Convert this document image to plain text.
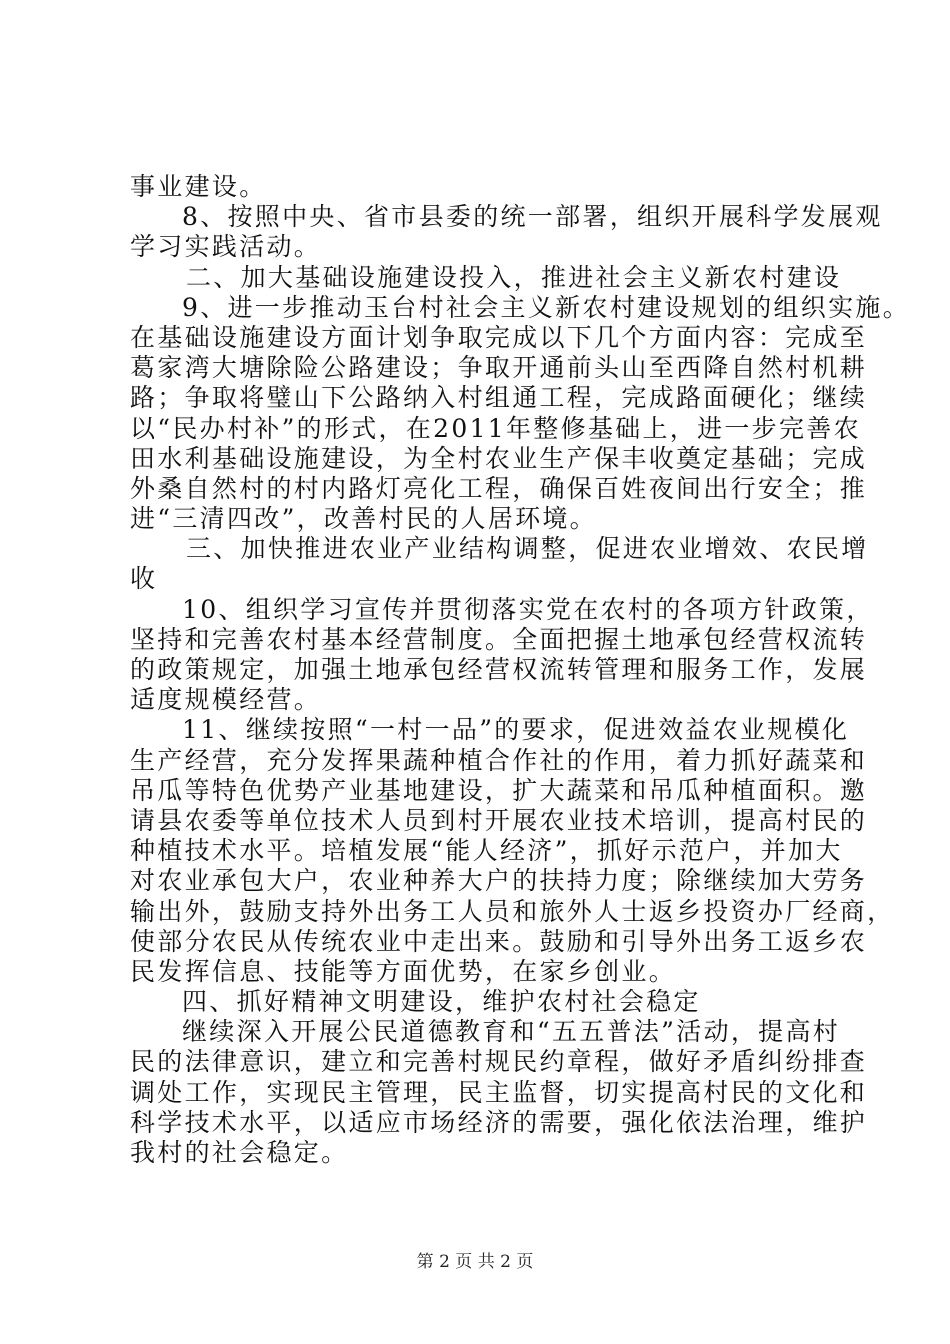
事业建设。
8、按照中央、省市县委的统一部署，组织开展科学发展观
学习实践活动。
二、加大基础设施建设投入，推进社会主义新农村建设
9、进一步推动玉台村社会主义新农村建设规划的组织实施。
在基础设施建设方面计划争取完成以下几个方面内容：完成至
葛家湾大塘除险公路建设；争取开通前头山至西降自然村机耕
路；争取将璧山下公路纳入村组通工程，完成路面硬化；继续
以“民办村补”的形式，在2011年整修基础上，进一步完善农
田水利基础设施建设，为全村农业生产保丰收奠定基础；完成
外桑自然村的村内路灯亮化工程，确保百姓夜间出行安全；推
进“三清四改”，改善村民的人居环境。
三、加快推进农业产业结构调整，促进农业增效、农民增
收
10、组织学习宣传并贯彻落实党在农村的各项方针政策，
坚持和完善农村基本经营制度。全面把握土地承包经营权流转
的政策规定，加强土地承包经营权流转管理和服务工作，发展
适度规模经营。
11、继续按照“一村一品”的要求，促进效益农业规模化
生产经营，充分发挥果蔬种植合作社的作用，着力抓好蔬菜和
吊瓜等特色优势产业基地建设，扩大蔬菜和吊瓜种植面积。邀
请县农委等单位技术人员到村开展农业技术培训，提高村民的
种植技术水平。培植发展“能人经济”，抓好示范户，并加大
对农业承包大户，农业种养大户的扶持力度；除继续加大劳务
输出外，鼓励支持外出务工人员和旅外人士返乡投资办厂经商，
使部分农民从传统农业中走出来。鼓励和引导外出务工返乡农
民发挥信息、技能等方面优势，在家乡创业。
四、抓好精神文明建设，维护农村社会稳定
继续深入开展公民道德教育和“五五普法”活动，提高村
民的法律意识，建立和完善村规民约章程，做好矛盾纠纷排查
调处工作，实现民主管理，民主监督，切实提高村民的文化和
科学技术水平，以适应市场经济的需要，强化依法治理，维护
我村的社会稳定。
第 2 页 共 2 页
